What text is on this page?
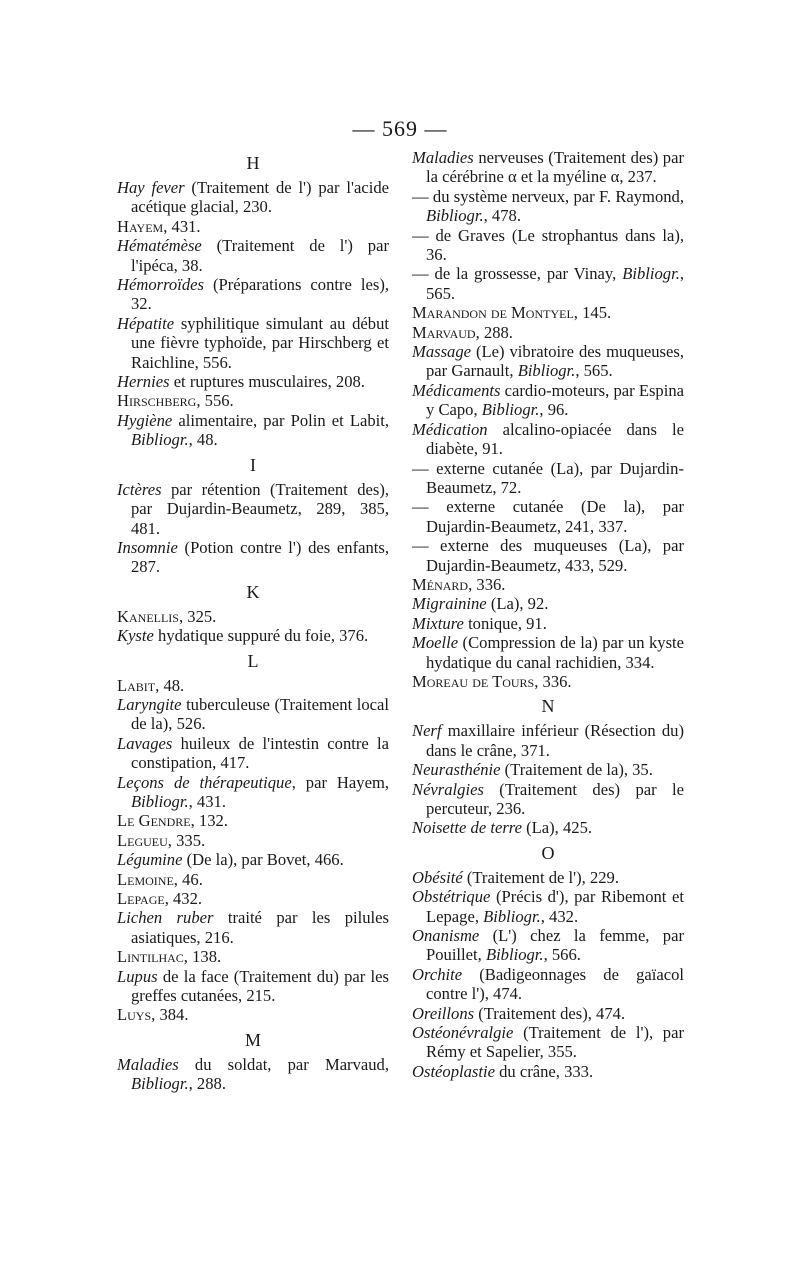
— 569 —
H
Hay fever (Traitement de l') par l'acide acétique glacial, 230.
Hayem, 431.
Hématémèse (Traitement de l') par l'ipéca, 38.
Hémorroïdes (Préparations contre les), 32.
Hépatite syphilitique simulant au début une fièvre typhoïde, par Hirschberg et Raichline, 556.
Hernies et ruptures musculaires, 208.
Hirschberg, 556.
Hygiène alimentaire, par Polin et Labit, Bibliogr., 48.
I
Ictères par rétention (Traitement des), par Dujardin-Beaumetz, 289, 385, 481.
Insomnie (Potion contre l') des enfants, 287.
K
Kanellis, 325.
Kyste hydatique suppuré du foie, 376.
L
Labit, 48.
Laryngite tuberculeuse (Traitement local de la), 526.
Lavages huileux de l'intestin contre la constipation, 417.
Leçons de thérapeutique, par Hayem, Bibliogr., 431.
Le Gendre, 132.
Legueu, 335.
Légumine (De la), par Bovet, 466.
Lemoine, 46.
Lepage, 432.
Lichen ruber traité par les pilules asiatiques, 216.
Lintilhac, 138.
Lupus de la face (Traitement du) par les greffes cutanées, 215.
Luys, 384.
M
Maladies du soldat, par Marvaud, Bibliogr., 288.
Maladies nerveuses (Traitement des) par la cérébrine α et la myéline α, 237.
— du système nerveux, par F. Raymond, Bibliogr., 478.
— de Graves (Le strophantus dans la), 36.
— de la grossesse, par Vinay, Bibliogr., 565.
Marandon de Montyel, 145.
Marvaud, 288.
Massage (Le) vibratoire des muqueuses, par Garnault, Bibliogr., 565.
Médicaments cardio-moteurs, par Espina y Capo, Bibliogr., 96.
Médication alcalino-opiacée dans le diabète, 91.
— externe cutanée (La), par Dujardin-Beaumetz, 72.
— externe cutanée (De la), par Dujardin-Beaumetz, 241, 337.
— externe des muqueuses (La), par Dujardin-Beaumetz, 433, 529.
Ménard, 336.
Migrainine (La), 92.
Mixture tonique, 91.
Moelle (Compression de la) par un kyste hydatique du canal rachidien, 334.
Moreau de Tours, 336.
N
Nerf maxillaire inférieur (Résection du) dans le crâne, 371.
Neurasthénie (Traitement de la), 35.
Névralgies (Traitement des) par le percuteur, 236.
Noisette de terre (La), 425.
O
Obésité (Traitement de l'), 229.
Obstétrique (Précis d'), par Ribemont et Lepage, Bibliogr., 432.
Onanisme (L') chez la femme, par Pouillet, Bibliogr., 566.
Orchite (Badigeonnages de gaïacol contre l'), 474.
Oreillons (Traitement des), 474.
Ostéonévralgie (Traitement de l'), par Rémy et Sapelier, 355.
Ostéoplastie du crâne, 333.
